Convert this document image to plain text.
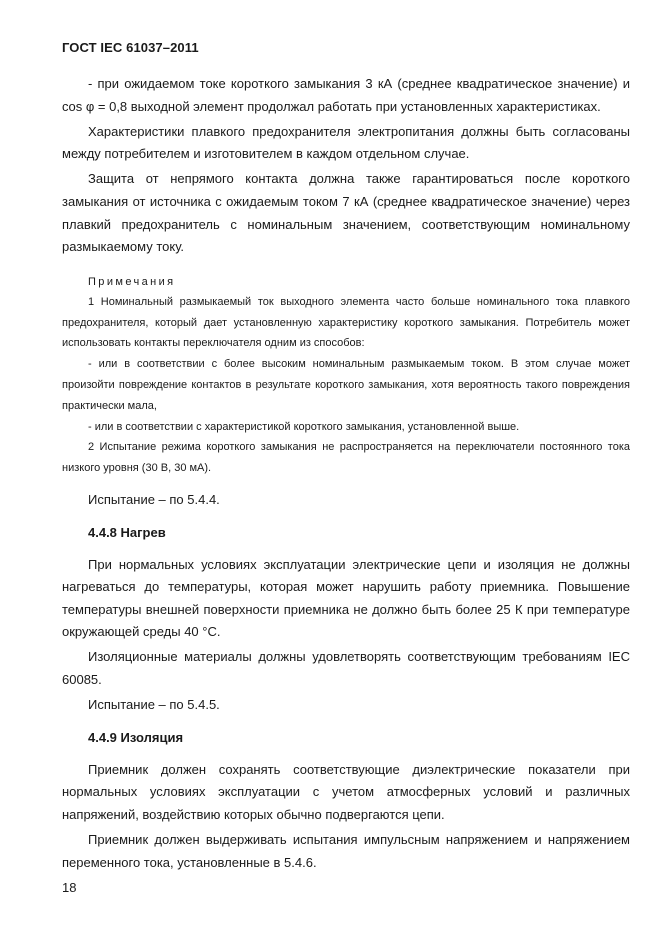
ГОСТ IEC 61037–2011

- при ожидаемом токе короткого замыкания 3 кА (среднее квадратическое значение) и cos φ = 0,8 выходной элемент продолжал работать при установленных характеристиках.

Характеристики плавкого предохранителя электропитания должны быть согласованы между потребителем и изготовителем в каждом отдельном случае.

Защита от непрямого контакта должна также гарантироваться после короткого замыкания от источника с ожидаемым током 7 кА (среднее квадратическое значение) через плавкий предохранитель с номинальным значением, соответствующим номинальному размыкаемому току.

Примечания

1 Номинальный размыкаемый ток выходного элемента часто больше номинального тока плавкого предохранителя, который дает установленную характеристику короткого замыкания. Потребитель может использовать контакты переключателя одним из способов:

- или в соответствии с более высоким номинальным размыкаемым током. В этом случае может произойти повреждение контактов в результате короткого замыкания, хотя вероятность такого повреждения практически мала,

- или в соответствии с характеристикой короткого замыкания, установленной выше.

2 Испытание режима короткого замыкания не распространяется на переключатели постоянного тока низкого уровня (30 В, 30 мА).

Испытание – по 5.4.4.

4.4.8 Нагрев

При нормальных условиях эксплуатации электрические цепи и изоляция не должны нагреваться до температуры, которая может нарушить работу приемника. Повышение температуры внешней поверхности приемника не должно быть более 25 К при температуре окружающей среды 40 °С.

Изоляционные материалы должны удовлетворять соответствующим требованиям IEC 60085.

Испытание – по 5.4.5.

4.4.9 Изоляция

Приемник должен сохранять соответствующие диэлектрические показатели при нормальных условиях эксплуатации с учетом атмосферных условий и различных напряжений, воздействию которых обычно подвергаются цепи.

Приемник должен выдерживать испытания импульсным напряжением и напряжением переменного тока, установленные в 5.4.6.

18
